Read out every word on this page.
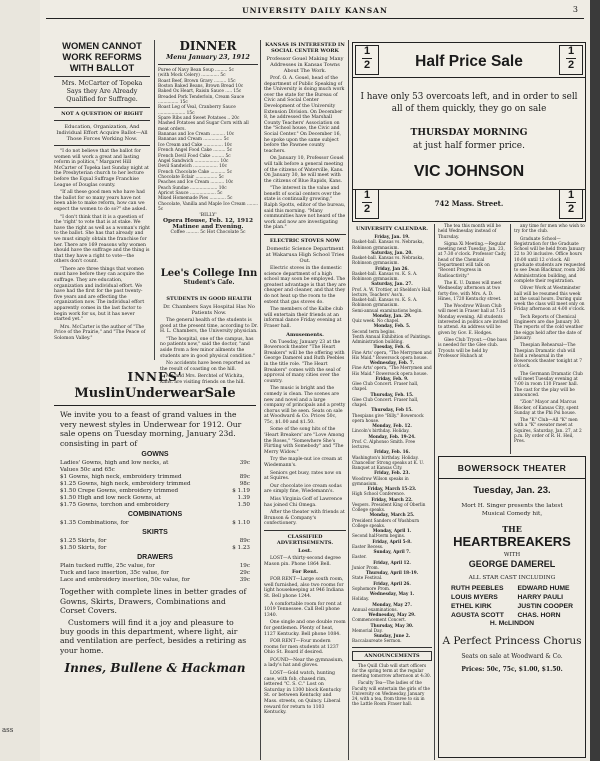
ass
UNIVERSITY DAILY KANSAN	3
WOMEN CANNOT WORK REFORMS WITH BALLOT
Mrs. McCarter of Topeka Says they Are Already Qualified for Suffrage.
NOT A QUESTION OF RIGHT
Education, Organization, And Individual Effort Acquire Ballot—All Those Forces Working Now.

"I do not believe that the ballot for women will work a great and lasting reform in politics," Margaret Hill McCarter of Topeka last Sunday night at the Presbyterian church to her lecture before the Equal Suffrage Franchise League of Douglas county.

"If all these good men who have had the ballot for so many years have not been able to make reform, how can we expect the women to do so?" she asked.

"I don't think that it is a question of the 'right' to vote that is at stake. We have the right as well as a woman's right to the ballot. She has that already and we must simply obtain the franchise for her. There are 169 reasons why women should have the suffrage and the thing is that they have a right to vote—the others don't count.

"There are three things that women must have before they can acquire the suffrage. They are education, organization and individual effort. We have had the first for the past twenty-five years and are effecting the organization now. The individual effort apparently comes in the last factor to begin work for us, but it has never started yet."

Mrs. McCarter is the author of "The Price of the Prairie," and "The Peace of Solomon Valley."

DINNER
Menu January 23, 1912
Puree of Navy Bean Soup ......... 5c
(with Mock Celery) ............. 5c
Roast Beef, Brown Gravy ......... 15c
Boston Baked Beans, Brown Bread 10c
Baked Ox Heart, Raisin Sauce ..... 15c
Breaded Pork Tenderloin, Cream Sauce ............... 15c
Roast Leg of Veal, Cranberry Sauce .................... 15c
Spare Ribs and Sweet Potatoes .. 20c
Mashed Potatoes and Sugar Corn with all meat orders.
Bananas and Ice Cream .......... 10c
Bananas and Cream .............. 5c
Ice Cream and Cake .............. 10c
French Angel Food Cake ......... 5c
French Devil Food Cake ......... 5c
Angel Sandwich .................. 10c
Devil Sandwich .................. 10c
French Chocolate Cake ........... 5c
Chocolate Eclair ................ 5c
Peaches and Ice Cream .......... 10c
Peach Sundae .................... 10c
Apricot Sauce ................... 5c
Mixed Homemade Pies ............ 5c
Chocolate, Vanilla and Maple Ice Cream ........ 5c
'BILLY'
Opera House, Feb. 12, 1912
Matinee and Evening.
Coffee ......... 5c Hot Chocolate 5c
Lee's College Inn
Student's Cafe.
STUDENTS IN GOOD HEALTH
Dr. Chambers Says Hospital Has No Patients Now.

The general health of the students is good at the present time, according to Dr. H. L. Chambers, the University physician.

"The hospital, one of the campus, has no patients now," said the doctor, "and aside from a few minor ailments the students are in good physical condition."

No accidents have been reported as the result of coasting on the hill.

Mr. and Mrs. Berchtel of Wichita, Kans. are visiting friends on the hill.

KANSAS IS INTERESTED IN SOCIAL CENTER WORK
Professor Gouel Making Many Addresses in Kansas Towns About The Work.

Prof. O. A. Gouel, head of the department of Public Speaking of the University is doing much work over the state for the Bureau of Civic and Social Center Development of the University Extension Division. On December 8, he addressed the Marshall County Teachers' Association on the "School house, the Civic and Social Center." On December 16, he spoke upon the same subject before the Pawnee county teachers.

On January 10, Professor Gouel will talk before a general meeting of the citizens of Waterville, Kans. On January 30, he will meet with the citizens of Blue Rapids, Kans.

"The interest in the value and benefit of social centers over the state is continually growing," Ralph Spotts, editor of the bureau, said this morning. "Many communities have not heard of the work and now are investigating the plan."

ELECTRIC STOVES NOW
Domestic Science Department at Wakarusa High School Tries Out.

Electric stoves in the domestic science department of a high school may soon be employed. The greatest advantage is that they are cheaper and cleaner, and that they do not heat up the room to the extent that gas stoves do.

The members of the Kalbe club will entertain their friends at an informal dance Friday evening at Fraser hall.

Amusements.

On Tuesday, January 23 at the Bowersock theater "The Heart Breakers" will be the offering with George Damerel and Ruth Peebles in the title role. "The Heart Breakers" comes with the seal of approval of many cities over the country.

The music is bright and the comedy is clean. The scenes are new and novel and a large company of principals and a pretty chorus will be seen. Seats on sale at Woodward & Co. Prices 50c, 75c, $1.00 and $1.50.

Some of the song hits of the 'Heart Breakers' are "Love Among the Roses," "Somewhere She's Flirting with Somebody" and "The Merry Widow."

Try the maple-nut ice cream at Wiedemann's.

Seniors get busy, rates now on at Squires.

Our chocolate ice cream sodas are simply fine, Wiedemann's.

Miss Virginia Goff of Lawrence has joined Chi Omega.

After the theater with friends at Brunson & Company's confectionery.

CLASSIFIED ADVERTISEMENTS.
Lost.

LOST—A thirty-second degree Mason pin. Phone 1864 Bell.

For Rent.

FOR RENT—Large south room, well furnished, also two rooms for light housekeeping at 946 Indiana St. Bell phone 1244.

A comfortable room for rent at 1019 Tennessee. Call Bell phone 1340.

One single and one double room for gentlemen. Plenty of heat, 1127 Kentucky. Bell phone 1084.

FOR RENT—Four modern rooms for men students at 1237 Ohio St. Board if desired.

FOUND—Near the gymnasium, a lady's hat and gloves.

LOST—Gold watch, hunting case, with fob, chased rim, lettered "C. S. C." Lost on Saturday in 1300 block Kentucky St. or between Kentucky and Mass. streets, on Quincy. Liberal reward for return to 1103 Kentucky.

1
2
1
2
1
2
1
2
Half Price Sale
I have only 53 overcoats left, and in order to sell all of them quickly, they go on sale
THURSDAY MORNING
at just half former price.
VIC JOHNSON
742 Mass. Street.
UNIVERSITY CALENDAR.
Friday, Jan. 19.
Basket-ball. Kansas vs. Nebraska, Robinson gymnasium.
Saturday, Jan. 20.
Basket-ball. Kansas vs. Nebraska, Robinson gymnasium.
Friday, Jan 26.
Basket-ball. Kansas vs. K. S. A. Robinson gymnasium.
Saturday, Jan. 27.
Prof. A. W. Trottier, at Sheldon's Hall, lecture, Teachers' Ass'n.
Basket-ball. Kansas vs. K. S. A. Robinson gymnasium.
Semi-annual examinations begin.
Monday, Jan. 29.
Quiz week. No chapel.
Monday, Feb. 5.
Second term begins.
Tenth Annual Exhibition of Paintings. Administration building.
Tuesday, Feb. 6.
Fine Arts' opera, "The Merrymen and His Maid." Bowersock opera house.
Wednesday, Feb. 7.
Fine Arts' opera, "The Merrymen and His Maid." Bowersock opera house.
Friday, Feb. 9.
Glee Club Concert. Fraser hall, chapel.
Thursday, Feb. 15.
Glee Club Concert. Fraser hall, chapel.
Thursday, Feb 15.
Thespians give "Billy." Bowersock opera house.
Monday, Feb. 12.
Lincoln's birthday. Holiday.
Monday, Feb. 19-24.
Prof. C. Alphonso Smith. Free lectures.
Friday, Feb. 16.
Washington's birthday. Holiday. Chancellor Strong speaks at K. U. Banquet at Kansas City.
Friday, Feb. 23.
Woodrow Wilson speaks in gymnasium.
Friday, March 15-23.
High School Conference.
Friday, March 22.
Vespers. President King of Oberlin College speaks.
Monday, March 25.
President Sanders of Washburn College speaks.
Monday, April 1.
Second half-term begins.
Friday, April 5-8.
Easter Recess.
Sunday, April 7.
Easter.
Friday, April 12.
Junior Prom.
Thursday, April 18-19.
State Festival.
Friday, April 26.
Sophomore Prom.
Wednesday, May 1.
Holiday.
Monday, May 27.
Annual examinations.
Wednesday, May 29.
Commencement Concert.
Thursday, May 30.
Memorial Day.
Sunday, June 2.
Baccalaureate Sermon.
ANNOUNCEMENTS

The Quill Club will start officers for the spring term at the regular meeting tomorrow afternoon at 4:30.

Faculty Tea—The ladies of the Faculty will entertain the girls of the University on Wednesday, January 24, with a tea, from three to six in the Lattle Room Fraser hall.

The tea this month will be held Wednesday instead of Thursday.

Sigma Xi Meeting.—Regular meeting next Tuesday, Jan. 23, at 7:30 o'clock. Professor Cady, head of the Chemical Department will talk on "Recent Progress in Radioactivity."

The K. U. Dames will meet Wednesday afternoon at two forty-five, with Mrs. A. D. Hines, 1720 Kentucky street.

The Woodrow Wilson Club will meet in Fraser hall at 7:15 Monday evening. All students interested in politics are invited to attend. An address will be given by Gov. E. Hodges.

Glee Club Tryout.—One bass is needed for the Glee club. Tryouts will be held by Professor Hubach at

any time for men who wish to try for the club.

Graduate School—Registration for the Graduate School will be held from January 22 to 30 inclusive. Office hours 10:00 until 12 o'clock. All graduate students are requested to see Dean Blackmar, room 206 Administration building, and complete their registration.

Oliver Work at Westminster hall will be resumed this week at the usual hours. During quiz week the class will meet only on Friday afternoon at 4:00 o'clock.

Tech Reports of Chemical Engineers are due January 30. The reports of the cold weather the eiggs held after the date of January.

Thespian Rehearsal—The Thespian Dramatic club will hold a rehearsal in the Bowersock theater tonight at 7 o'clock.

The Germann Dramatic Club will meet Tuesday evening at 7:00 in room 110 Fraser hall. The cast for the play will be announced.

"Zion" Mayor and Marcus Blocker, of Kansas City, spent Sunday at the Phi Psi house.

The "K" Club—All "K" men with a "K" sweater meet at Squires, Saturday, Jan. 27, at 2 p.m. By order of R. H. Heil, Pres.

BOWERSOCK THEATER
Tuesday, Jan. 23.
Mort H. Singer presents the latest Musical Comedy hit,
THE
HEARTBREAKERS
WITH
GEORGE DAMEREL
ALL STAR CAST INCLUDING
RUTH PEEBLES
LOUIS MYERS
ETHEL KIRK
AGUSTA SCOTT
EDWARD HUME
HARRY PAULI
JUSTIN COOPER
CHAS. HORN
H. McLINDON
A Perfect Princess Chorus
Seats on sale at Woodward & Co.
Prices: 50c, 75c, $1.00, $1.50.
INNES'
MuslinUnderwearSale
We invite you to a feast of grand values in the very newest styles in Underwear for 1912. Our sale opens on Tuesday morning, January 23d. consisting in part of
GOWNS
Ladies' Gowns, high and low necks, at	39c
Values 50c and 65c
$1 Gowns, high neck, embroidery trimmed	89c
$1.25 Gowns, high neck, embroidery trimmed	98c
$1.50 Crepe Gowns, embroidery trimmed	$ 1.19
$1.50 High and low neck Gowns, at	1.39
$1.75 Gowns, torchon and embroidery	1.50
COMBINATIONS
$1.35 Combinations, for	$ 1.10
SKIRTS
$1.25 Skirts, for	89c
$1.50 Skirts, for	$ 1.23
DRAWERS
Plain tucked ruffle, 25c value, for	19c
Tuck and lace insertion, 35c value, for	29c
Lace and embroidery insertion, 50c value, for	39c
Together with complete lines in better grades of Gowns, Skirts, Drawers, Combinations and Corset Covers.
Customers will find it a joy and pleasure to buy goods in this department, where light, air and ventilation are perfect, besides a retiring as your home.
Innes, Bullene & Hackman
